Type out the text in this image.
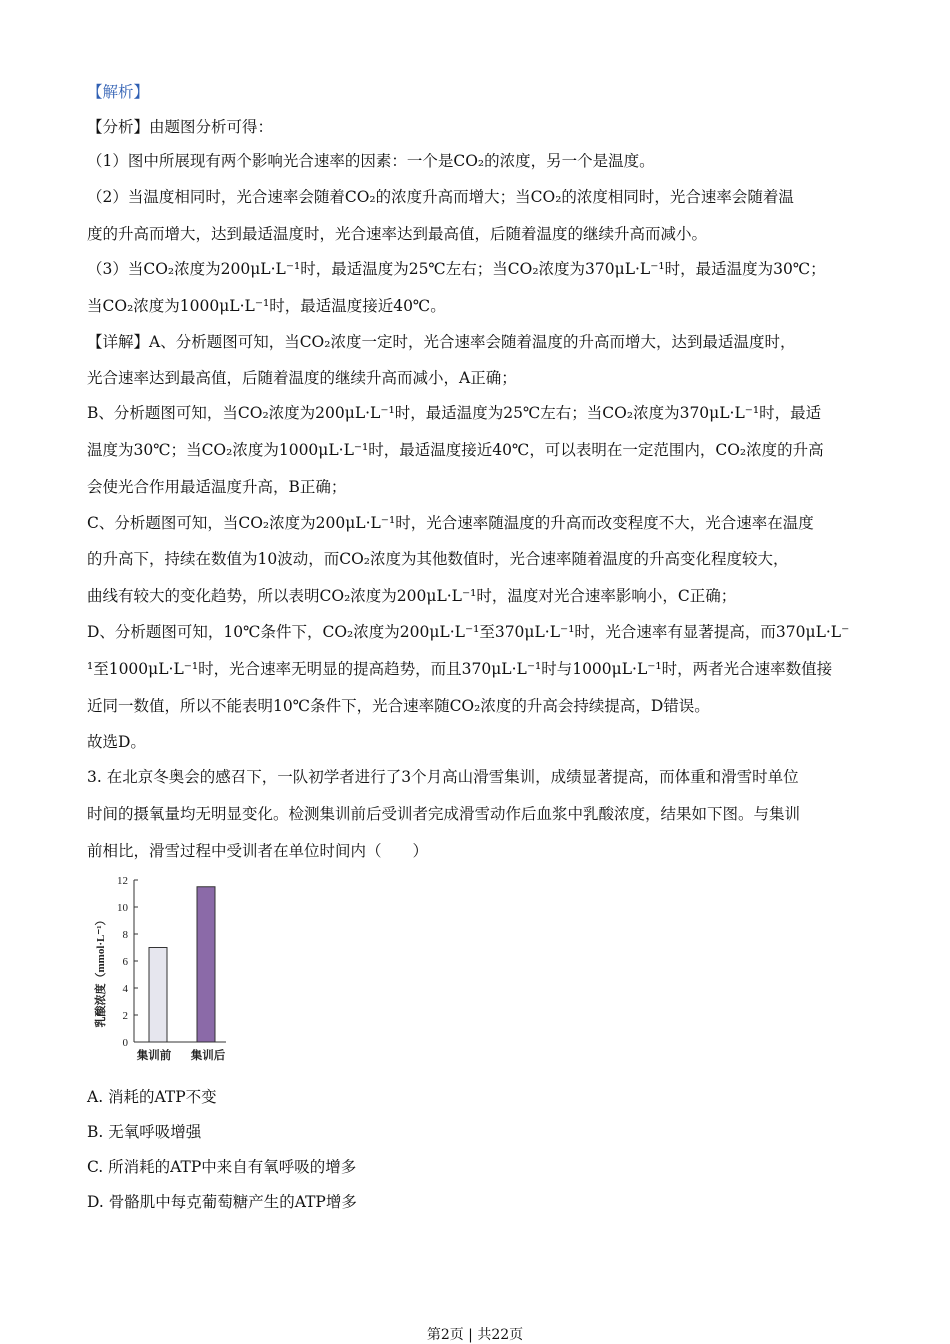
【解析】
【分析】由题图分析可得：
（1）图中所展现有两个影响光合速率的因素：一个是CO₂的浓度，另一个是温度。
（2）当温度相同时，光合速率会随着CO₂的浓度升高而增大；当CO₂的浓度相同时，光合速率会随着温
度的升高而增大，达到最适温度时，光合速率达到最高值，后随着温度的继续升高而减小。
（3）当CO₂浓度为200μL·L⁻¹时，最适温度为25℃左右；当CO₂浓度为370μL·L⁻¹时，最适温度为30℃；
当CO₂浓度为1000μL·L⁻¹时，最适温度接近40℃。
【详解】A、分析题图可知，当CO₂浓度一定时，光合速率会随着温度的升高而增大，达到最适温度时，
光合速率达到最高值，后随着温度的继续升高而减小，A正确；
B、分析题图可知，当CO₂浓度为200μL·L⁻¹时，最适温度为25℃左右；当CO₂浓度为370μL·L⁻¹时，最适
温度为30℃；当CO₂浓度为1000μL·L⁻¹时，最适温度接近40℃，可以表明在一定范围内，CO₂浓度的升高
会使光合作用最适温度升高，B正确；
C、分析题图可知，当CO₂浓度为200μL·L⁻¹时，光合速率随温度的升高而改变程度不大，光合速率在温度
的升高下，持续在数值为10波动，而CO₂浓度为其他数值时，光合速率随着温度的升高变化程度较大，
曲线有较大的变化趋势，所以表明CO₂浓度为200μL·L⁻¹时，温度对光合速率影响小，C正确；
D、分析题图可知，10℃条件下，CO₂浓度为200μL·L⁻¹至370μL·L⁻¹时，光合速率有显著提高，而370μL·L⁻
¹至1000μL·L⁻¹时，光合速率无明显的提高趋势，而且370μL·L⁻¹时与1000μL·L⁻¹时，两者光合速率数值接
近同一数值，所以不能表明10℃条件下，光合速率随CO₂浓度的升高会持续提高，D错误。
故选D。
3. 在北京冬奥会的感召下，一队初学者进行了3个月高山滑雪集训，成绩显著提高，而体重和滑雪时单位
时间的摄氧量均无明显变化。检测集训前后受训者完成滑雪动作后血浆中乳酸浓度，结果如下图。与集训
前相比，滑雪过程中受训者在单位时间内（　　）
0
2
4
6
8
10
12
集训前 集训后
乳酸浓度（mmol·L⁻¹）
A. 消耗的ATP不变
B. 无氧呼吸增强
C. 所消耗的ATP中来自有氧呼吸的增多
D. 骨骼肌中每克葡萄糖产生的ATP增多
第2页 | 共22页
